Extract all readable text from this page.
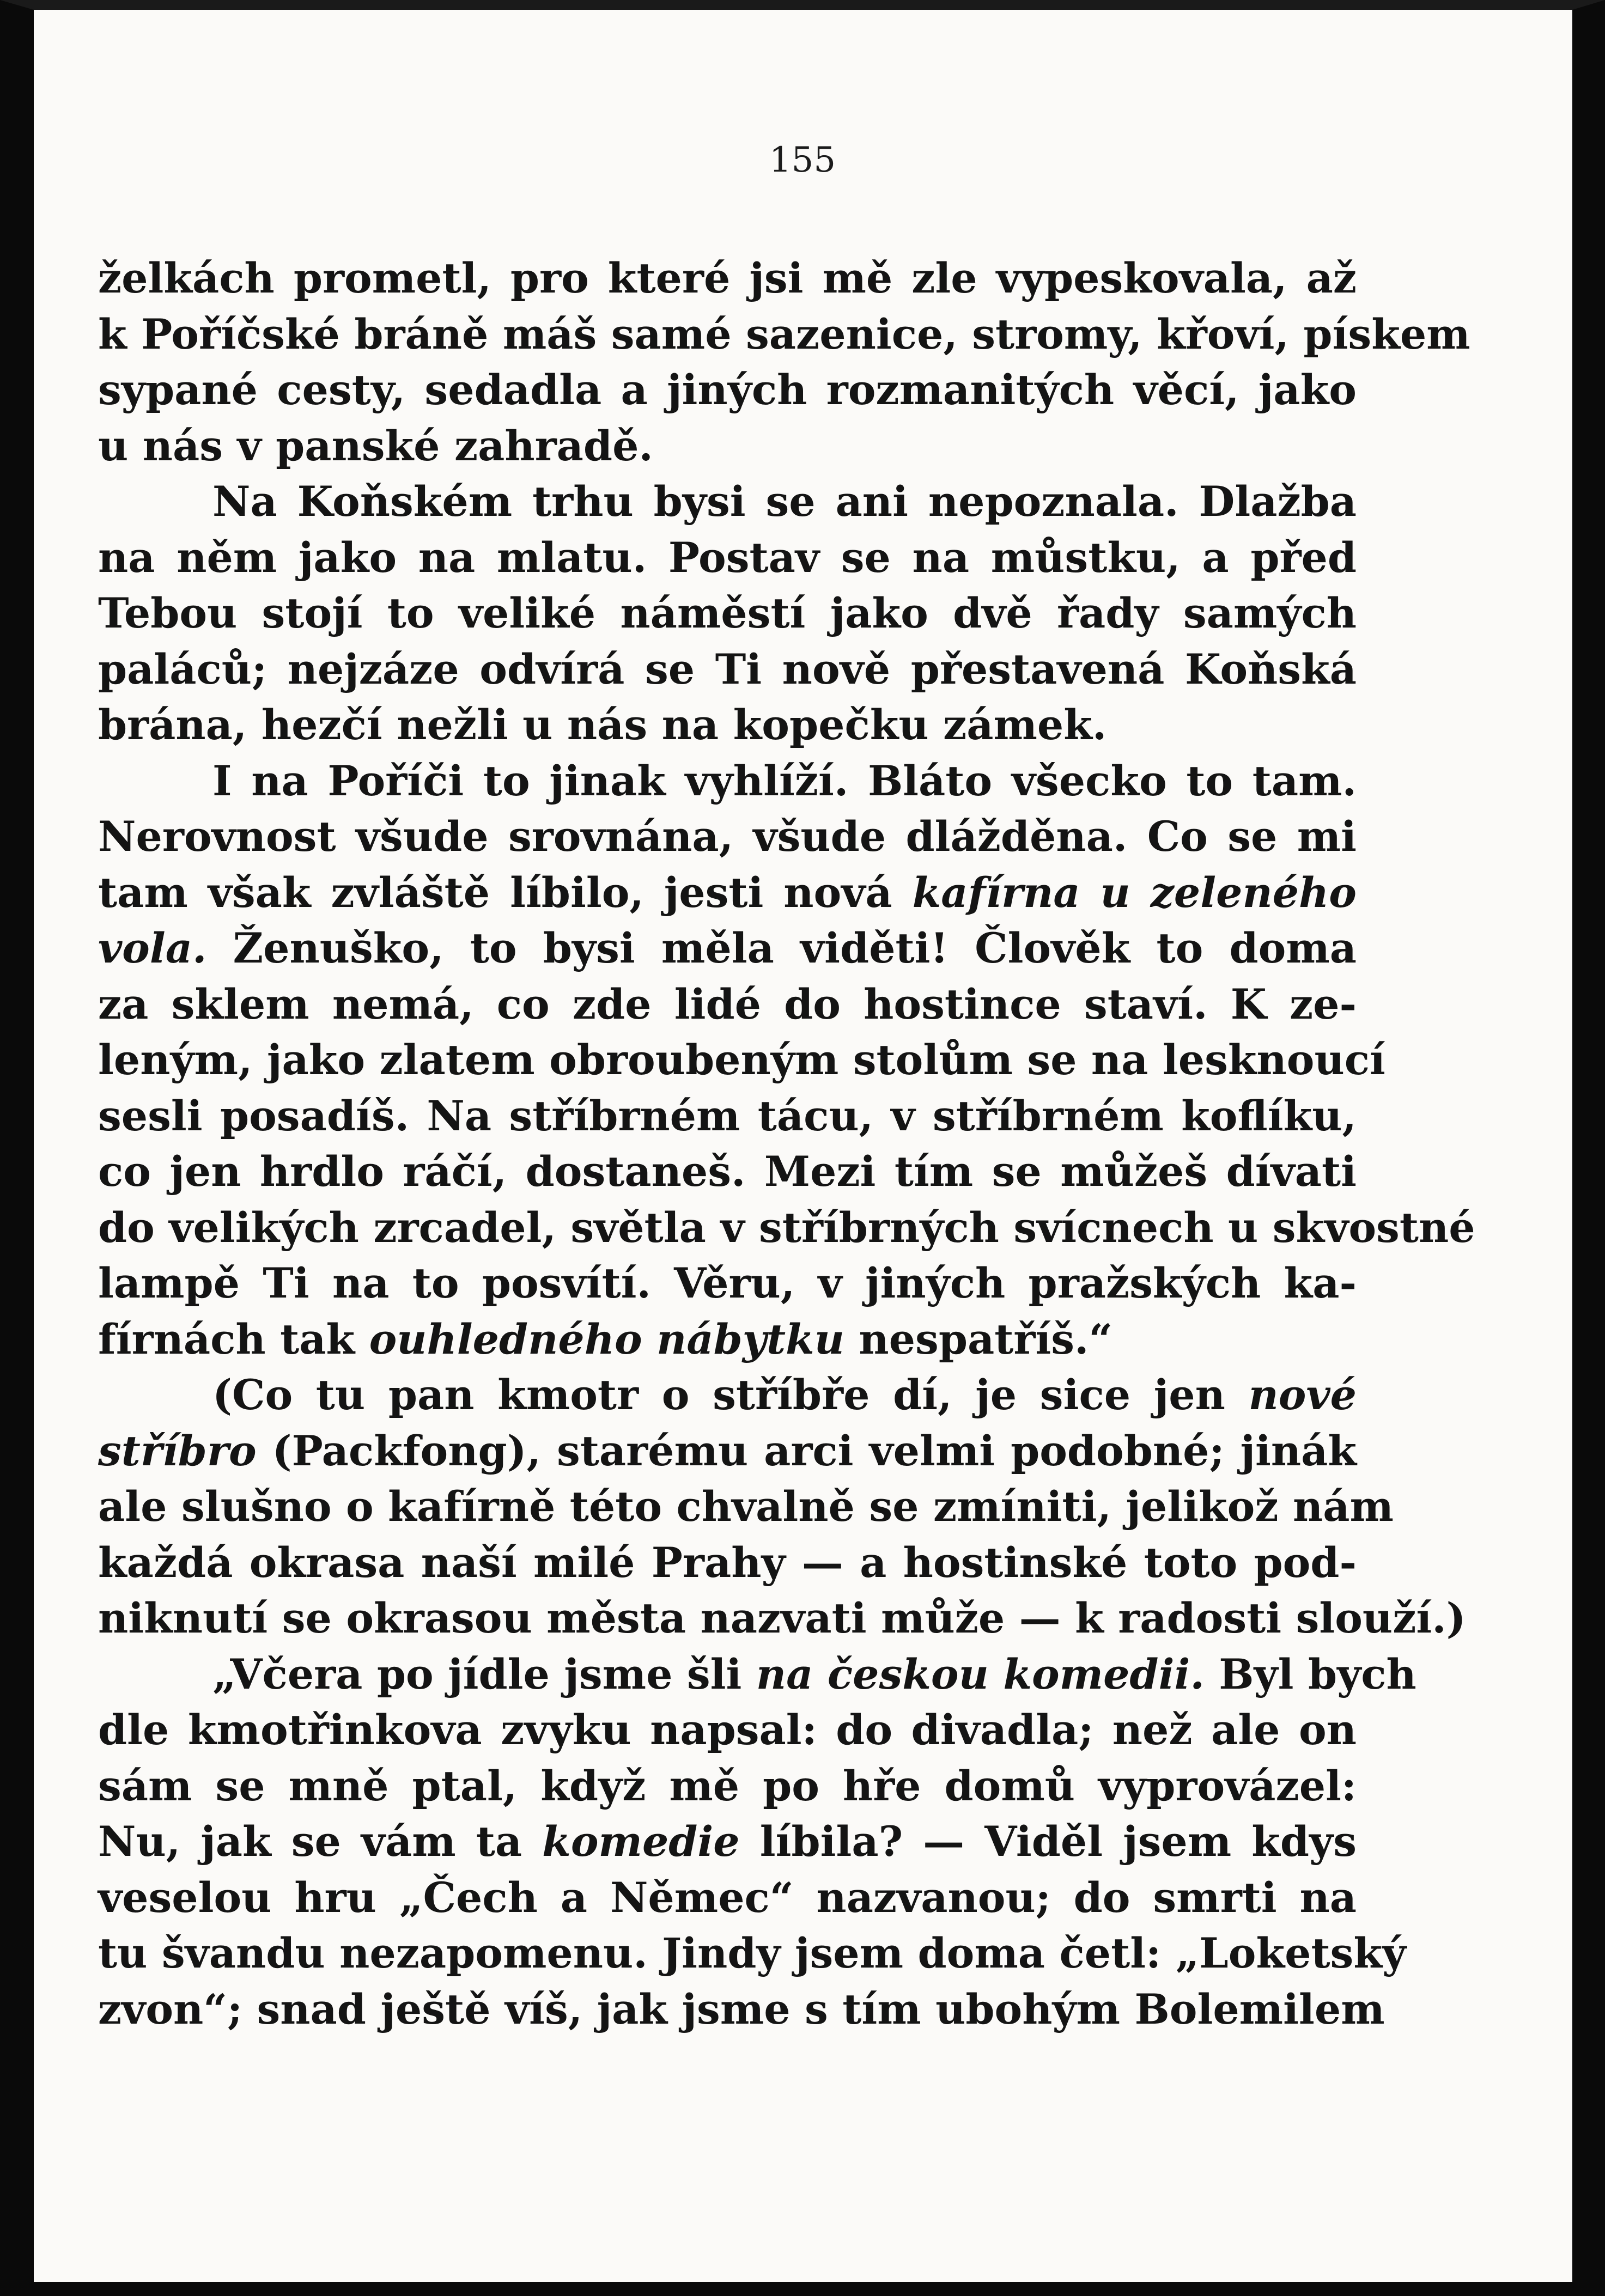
155
želkách prometl, pro které jsi mě zle vypeskovala, až
k Poříčské bráně máš samé sazenice, stromy, křoví, pískem
sypané cesty, sedadla a jiných rozmanitých věcí, jako
u nás v panské zahradě.
Na Koňském trhu bysi se ani nepoznala. Dlažba
na něm jako na mlatu. Postav se na můstku, a před
Tebou stojí to veliké náměstí jako dvě řady samých
paláců; nejzáze odvírá se Ti nově přestavená Koňská
brána, hezčí nežli u nás na kopečku zámek.
I na Poříči to jinak vyhlíží. Bláto všecko to tam.
Nerovnost všude srovnána, všude dlážděna. Co se mi
tam však zvláště líbilo, jesti nová kafírna u zeleného
vola. Ženuško, to bysi měla viděti! Člověk to doma
za sklem nemá, co zde lidé do hostince staví. K ze-
leným, jako zlatem obroubeným stolům se na lesknoucí
sesli posadíš. Na stříbrném tácu, v stříbrném koflíku,
co jen hrdlo ráčí, dostaneš. Mezi tím se můžeš dívati
do velikých zrcadel, světla v stříbrných svícnech u skvostné
lampě Ti na to posvítí. Věru, v jiných pražských ka-
fírnách tak ouhledného nábytku nespatříš.“
(Co tu pan kmotr o stříbře dí, je sice jen nové
stříbro (Packfong), starému arci velmi podobné; jinák
ale slušno o kafírně této chvalně se zmíniti, jelikož nám
každá okrasa naší milé Prahy — a hostinské toto pod-
niknutí se okrasou města nazvati může — k radosti slouží.)
„Včera po jídle jsme šli na českou komedii. Byl bych
dle kmotřinkova zvyku napsal: do divadla; než ale on
sám se mně ptal, když mě po hře domů vyprovázel:
Nu, jak se vám ta komedie líbila? — Viděl jsem kdys
veselou hru „Čech a Němec“ nazvanou; do smrti na
tu švandu nezapomenu. Jindy jsem doma četl: „Loketský
zvon“; snad ještě víš, jak jsme s tím ubohým Bolemilem
